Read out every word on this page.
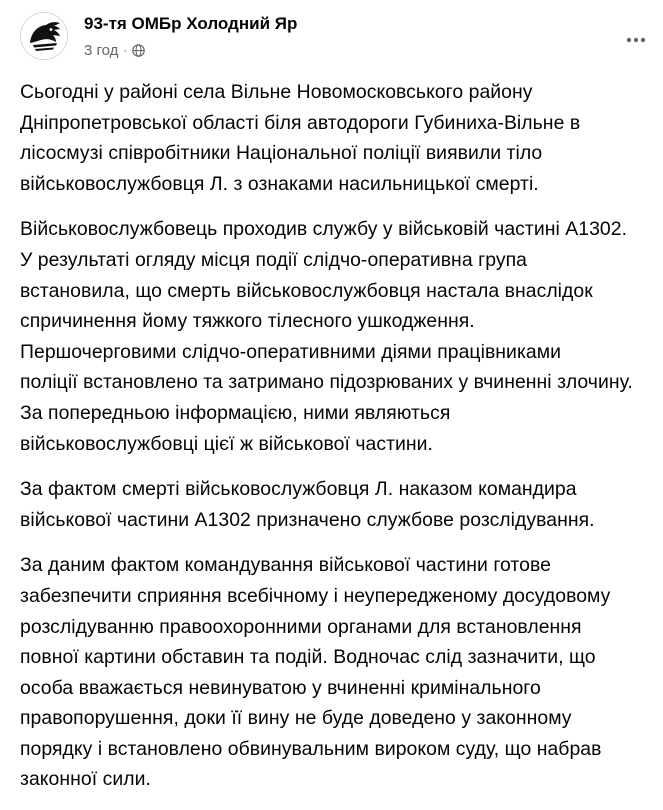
93-тя ОМБр Холодний Яр
3 год ·
Сьогодні у районі села Вільне Новомосковського району
Дніпропетровської області біля автодороги Губиниха-Вільне в
лісосмузі співробітники Національної поліції виявили тіло
військовослужбовця Л. з ознаками насильницької смерті.
Військовослужбовець проходив службу у військовій частині А1302.
У результаті огляду місця події слідчо-оперативна група
встановила, що смерть військовослужбовця настала внаслідок
спричинення йому тяжкого тілесного ушкодження.
Першочерговими слідчо-оперативними діями працівниками
поліції встановлено та затримано підозрюваних у вчиненні злочину.
За попередньою інформацією, ними являються
військовослужбовці цієї ж військової частини.
За фактом смерті військовослужбовця Л. наказом командира
військової частини А1302 призначено службове розслідування.
За даним фактом командування військової частини готове
забезпечити сприяння всебічному і неупередженому досудовому
розслідуванню правоохоронними органами для встановлення
повної картини обставин та подій. Водночас слід зазначити, що
особа вважається невинуватою у вчиненні кримінального
правопорушення, доки її вину не буде доведено у законному
порядку і встановлено обвинувальним вироком суду, що набрав
законної сили.
